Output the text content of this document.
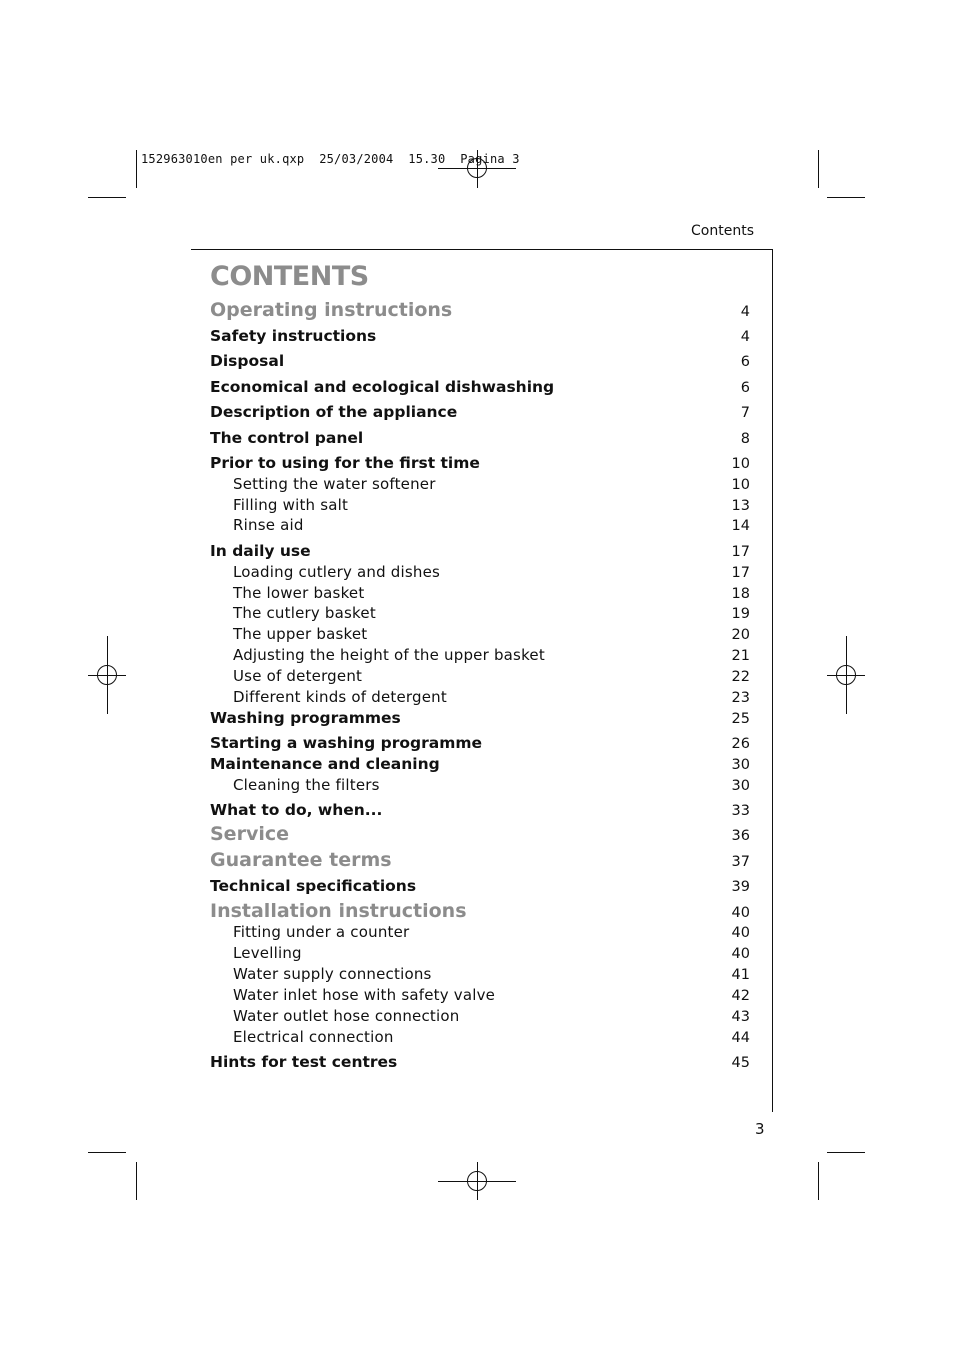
152963010en per uk.qxp  25/03/2004  15.30  Pagina 3
Contents
CONTENTS
Operating instructions	4
Safety instructions	4
Disposal	6
Economical and ecological dishwashing	6
Description of the appliance	7
The control panel	8
Prior to using for the first time	10
Setting the water softener	10
Filling with salt	13
Rinse aid	14
In daily use	17
Loading cutlery and dishes	17
The lower basket	18
The cutlery basket	19
The upper basket	20
Adjusting the height of the upper basket	21
Use of detergent	22
Different kinds of detergent	23
Washing programmes	25
Starting a washing programme	26
Maintenance and cleaning	30
Cleaning the filters	30
What to do, when...	33
Service	36
Guarantee terms	37
Technical specifications	39
Installation instructions	40
Fitting under a counter	40
Levelling	40
Water supply connections	41
Water inlet hose with safety valve	42
Water outlet hose connection	43
Electrical connection	44
Hints for test centres	45
3
